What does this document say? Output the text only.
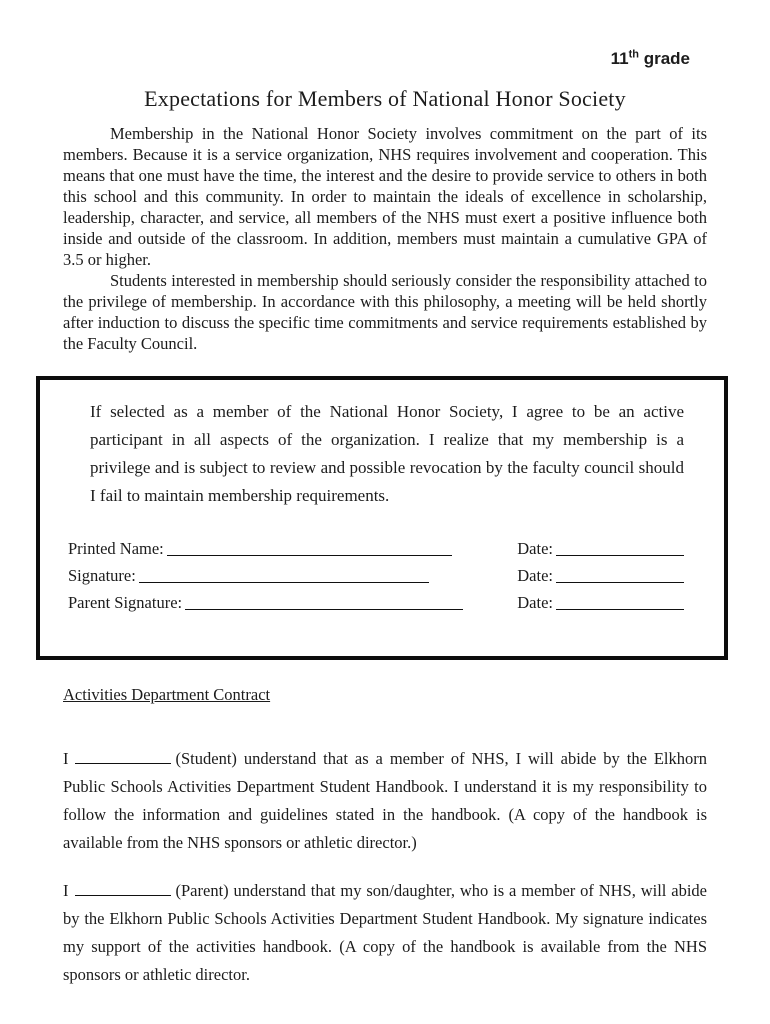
11th grade
Expectations for Members of National Honor Society

Membership in the National Honor Society involves commitment on the part of its members. Because it is a service organization, NHS requires involvement and cooperation. This means that one must have the time, the interest and the desire to provide service to others in both this school and this community. In order to maintain the ideals of excellence in scholarship, leadership, character, and service, all members of the NHS must exert a positive influence both inside and outside of the classroom. In addition, members must maintain a cumulative GPA of 3.5 or higher.

Students interested in membership should seriously consider the responsibility attached to the privilege of membership. In accordance with this philosophy, a meeting will be held shortly after induction to discuss the specific time commitments and service requirements established by the Faculty Council.

If selected as a member of the National Honor Society, I agree to be an active participant in all aspects of the organization. I realize that my membership is a privilege and is subject to review and possible revocation by the faculty council should I fail to maintain membership requirements.

Printed Name:	Date:
Signature:	Date:
Parent Signature:	Date:
Activities Department Contract

I	(Student) understand that as a member of NHS, I will abide by the Elkhorn Public Schools Activities Department Student Handbook. I understand it is my responsibility to follow the information and guidelines stated in the handbook. (A copy of the handbook is available from the NHS sponsors or athletic director.)

I	(Parent) understand that my son/daughter, who is a member of NHS, will abide by the Elkhorn Public Schools Activities Department Student Handbook. My signature indicates my support of the activities handbook. (A copy of the handbook is available from the NHS sponsors or athletic director.
